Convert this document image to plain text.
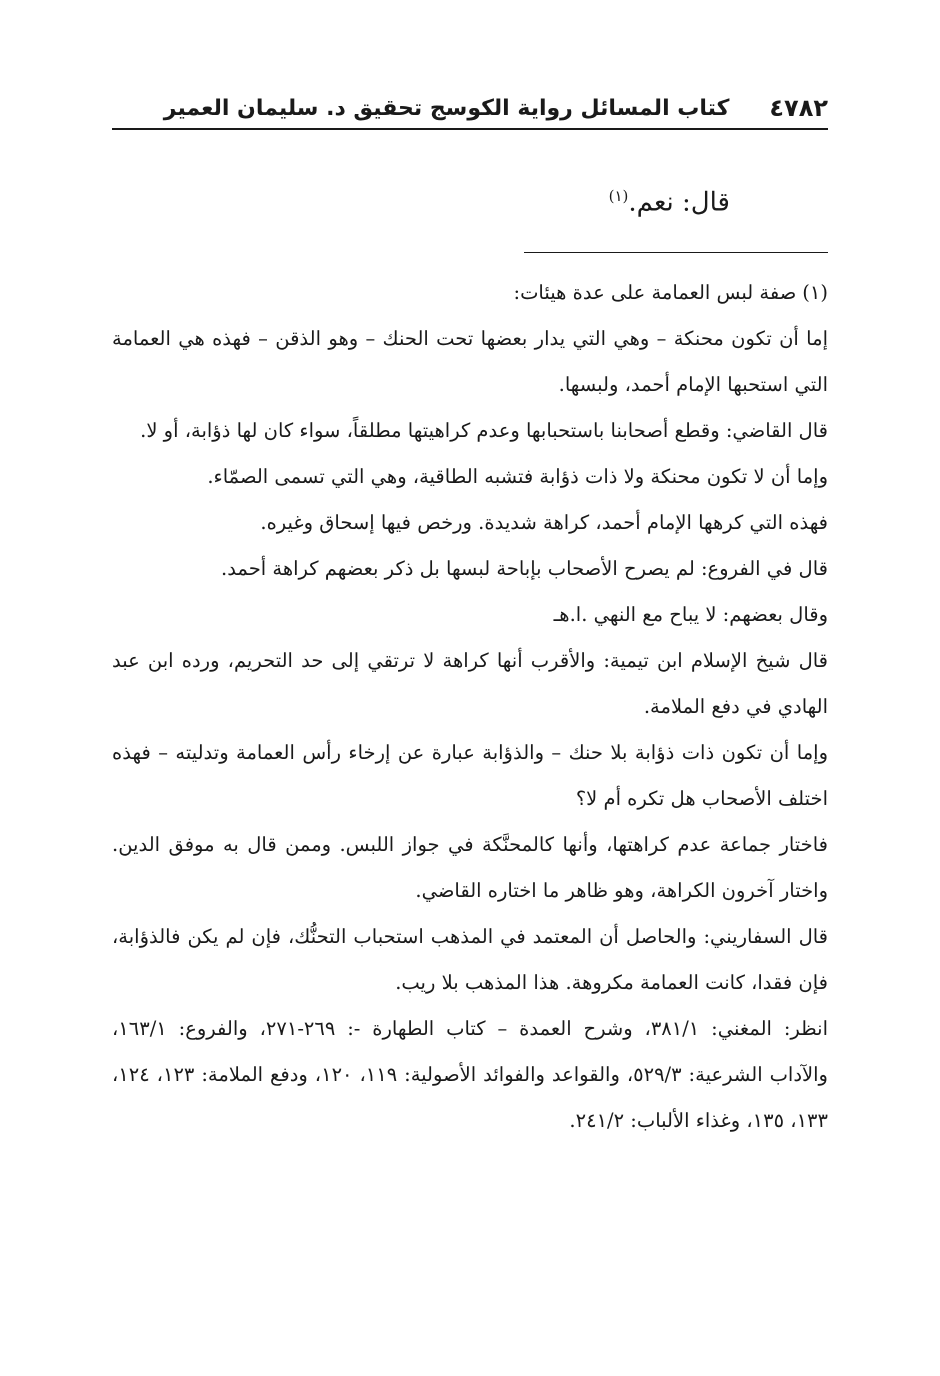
٤٧٨٢
كتاب المسائل رواية الكوسج تحقيق د. سليمان العمير
قال: نعم.$^{(١)}$

(١)صفة لبس العمامة على عدة هيئات:

إما أن تكون محنكة – وهي التي يدار بعضها تحت الحنك – وهو الذقن – فهذه هي العمامة التي استحبها الإمام أحمد، ولبسها.

قال القاضي: وقطع أصحابنا باستحبابها وعدم كراهيتها مطلقاً، سواء كان لها ذؤابة، أو لا.

وإما أن لا تكون محنكة ولا ذات ذؤابة فتشبه الطاقية، وهي التي تسمى الصمّاء.

فهذه التي كرهها الإمام أحمد، كراهة شديدة. ورخص فيها إسحاق وغيره.

قال في الفروع: لم يصرح الأصحاب بإباحة لبسها بل ذكر بعضهم كراهة أحمد.

وقال بعضهم: لا يباح مع النهي .ا.هـ

قال شيخ الإسلام ابن تيمية: والأقرب أنها كراهة لا ترتقي إلى حد التحريم، ورده ابن عبد الهادي في دفع الملامة.

وإما أن تكون ذات ذؤابة بلا حنك – والذؤابة عبارة عن إرخاء رأس العمامة وتدليته – فهذه اختلف الأصحاب هل تكره أم لا؟

فاختار جماعة عدم كراهتها، وأنها كالمحنَّكة في جواز اللبس. وممن قال به موفق الدين. واختار آخرون الكراهة، وهو ظاهر ما اختاره القاضي.

قال السفاريني: والحاصل أن المعتمد في المذهب استحباب التحنُّك، فإن لم يكن فالذؤابة، فإن فقدا، كانت العمامة مكروهة. هذا المذهب بلا ريب.

انظر: المغني: ٣٨١/١، وشرح العمدة – كتاب الطهارة -: ٢٦٩-٢٧١، والفروع: ١٦٣/١، والآداب الشرعية: ٥٢٩/٣، والقواعد والفوائد الأصولية: ١١٩، ١٢٠، ودفع الملامة: ١٢٣، ١٢٤، ١٣٣، ١٣٥، وغذاء الألباب: ٢٤١/٢.
